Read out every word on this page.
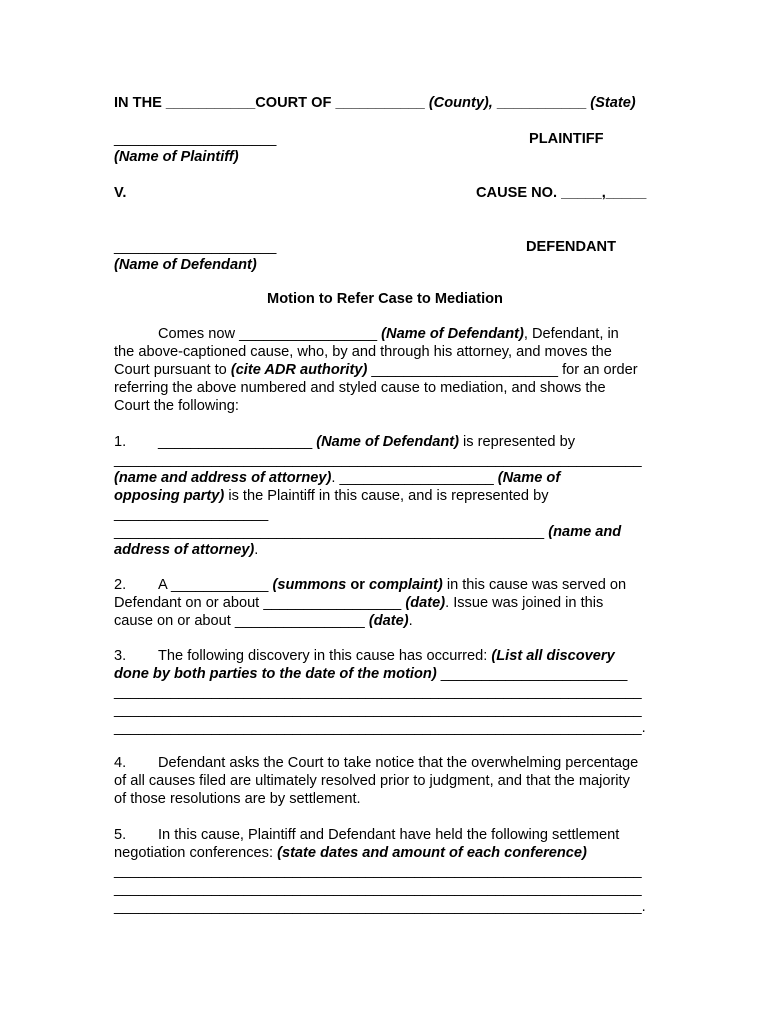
IN THE ___________COURT OF ___________ (County), ___________ (State)
____________________	PLAINTIFF
(Name of Plaintiff)
V.	CAUSE NO. _____,_____
____________________	DEFENDANT
(Name of Defendant)
Motion to Refer Case to Mediation
Comes now _________________ (Name of Defendant), Defendant, in
the above-captioned cause, who, by and through his attorney, and moves the
Court pursuant to (cite ADR authority) _______________________ for an order
referring the above numbered and styled cause to mediation, and shows the
Court the following:
1. ___________________ (Name of Defendant) is represented by
_________________________________________________________________
(name and address of attorney). ___________________ (Name of
opposing party) is the Plaintiff in this cause, and is represented by
___________________
_____________________________________________________ (name and
address of attorney).
2. A ____________ (summons or complaint) in this cause was served on
Defendant on or about _________________ (date). Issue was joined in this
cause on or about ________________ (date).
3. The following discovery in this cause has occurred: (List all discovery
done by both parties to the date of the motion) _______________________
_________________________________________________________________
_________________________________________________________________
_________________________________________________________________.
4. Defendant asks the Court to take notice that the overwhelming percentage
of all causes filed are ultimately resolved prior to judgment, and that the majority
of those resolutions are by settlement.
5. In this cause, Plaintiff and Defendant have held the following settlement
negotiation conferences: (state dates and amount of each conference)
_________________________________________________________________
_________________________________________________________________
_________________________________________________________________.
